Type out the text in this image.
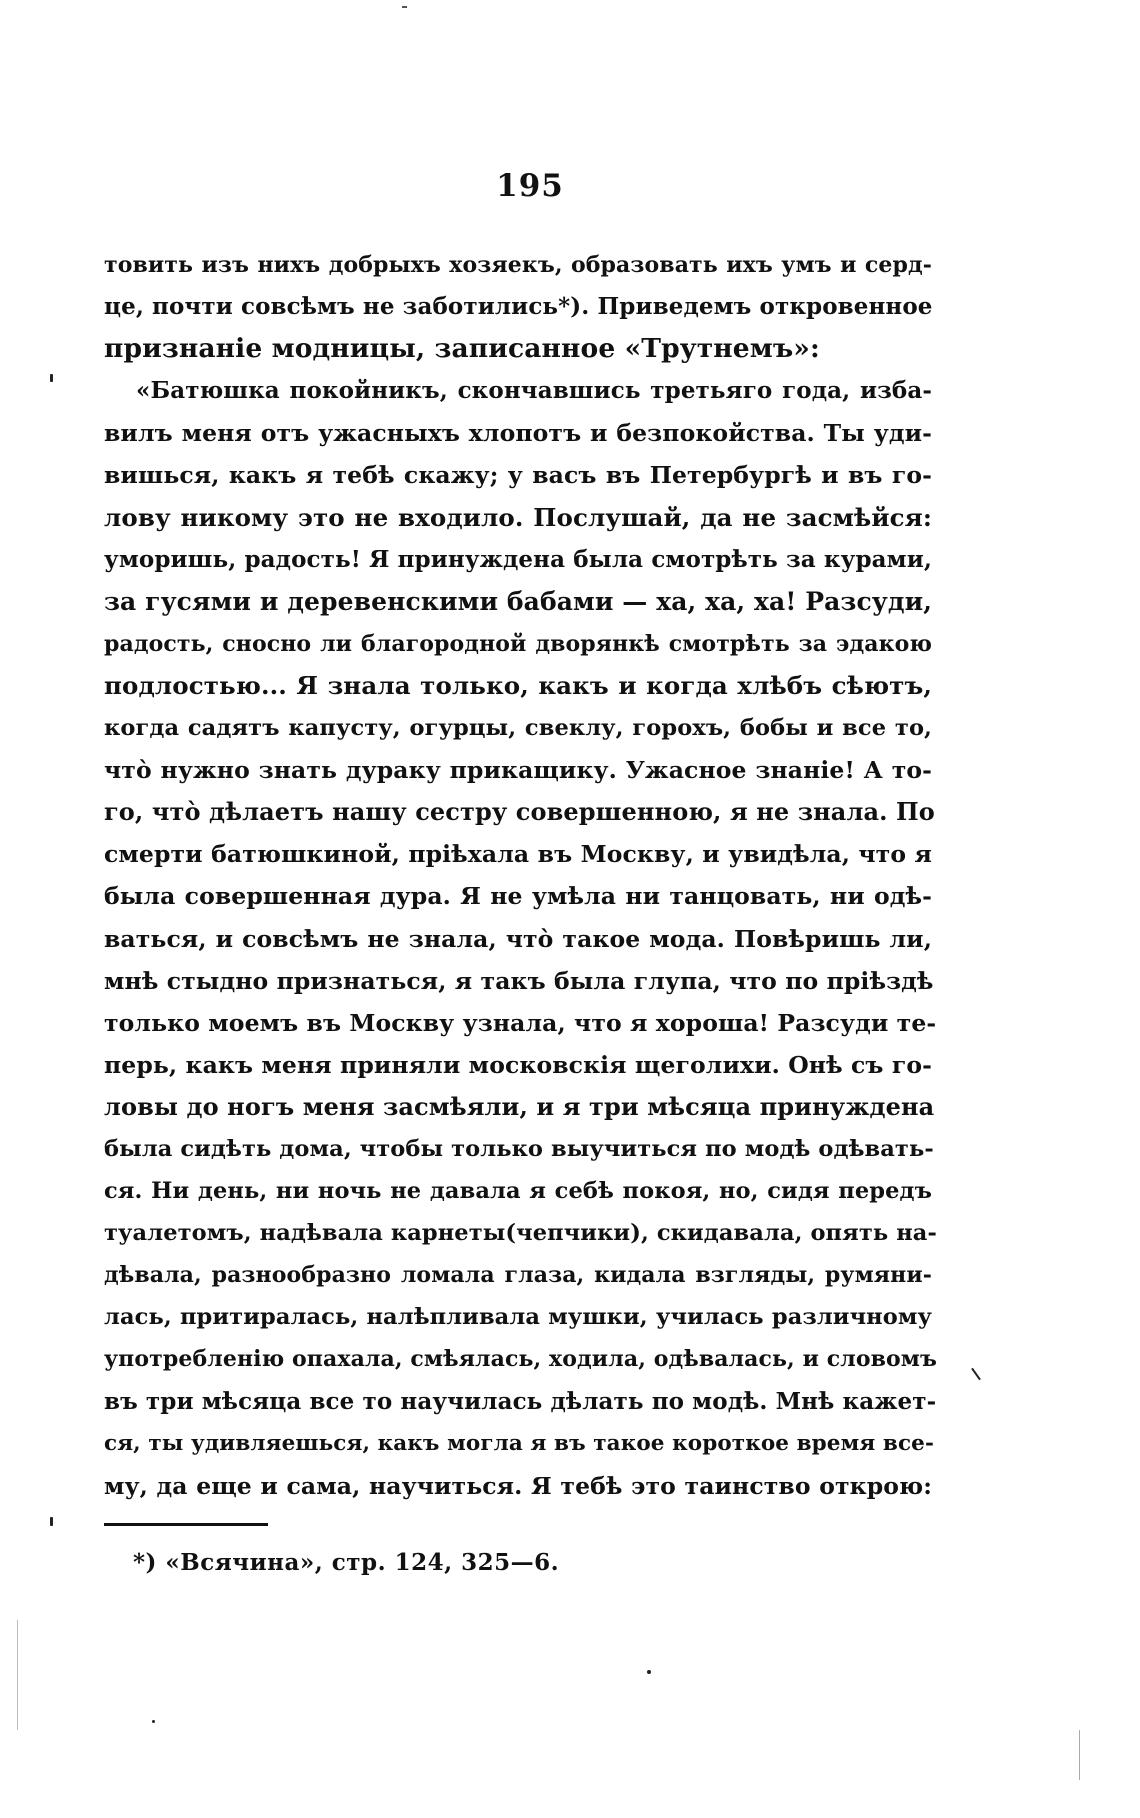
195
товить изъ нихъ добрыхъ хозяекъ, образовать ихъ умъ и серд-
це, почти совсѣмъ не заботились*). Приведемъ откровенное
признаніе модницы, записанное «Трутнемъ»:
«Батюшка покойникъ, скончавшись третьяго года, изба-
вилъ меня отъ ужасныхъ хлопотъ и безпокойства. Ты уди-
вишься, какъ я тебѣ скажу; у васъ въ Петербургѣ и въ го-
лову никому это не входило. Послушай, да не засмѣйся:
уморишь, радость! Я принуждена была смотрѣть за курами,
за гусями и деревенскими бабами — ха, ха, ха! Разсуди,
радость, сносно ли благородной дворянкѣ смотрѣть за эдакою
подлостью... Я знала только, какъ и когда хлѣбъ сѣютъ,
когда садятъ капусту, огурцы, свеклу, горохъ, бобы и все то,
что̀ нужно знать дураку прикащику. Ужасное знаніе! А то-
го, что̀ дѣлаетъ нашу сестру совершенною, я не знала. По
смерти батюшкиной, пріѣхала въ Москву, и увидѣла, что я
была совершенная дура. Я не умѣла ни танцовать, ни одѣ-
ваться, и совсѣмъ не знала, что̀ такое мода. Повѣришь ли,
мнѣ стыдно признаться, я такъ была глупа, что по пріѣздѣ
только моемъ въ Москву узнала, что я хороша! Разсуди те-
перь, какъ меня приняли московскія щеголихи. Онѣ съ го-
ловы до ногъ меня засмѣяли, и я три мѣсяца принуждена
была сидѣть дома, чтобы только выучиться по модѣ одѣвать-
ся. Ни день, ни ночь не давала я себѣ покоя, но, сидя передъ
туалетомъ, надѣвала карнеты(чепчики), скидавала, опять на-
дѣвала, разнообразно ломала глаза, кидала взгляды, румяни-
лась, притиралась, налѣпливала мушки, училась различному
употребленію опахала, смѣялась, ходила, одѣвалась, и словомъ
въ три мѣсяца все то научилась дѣлать по модѣ. Мнѣ кажет-
ся, ты удивляешься, какъ могла я въ такое короткое время все-
му, да еще и сама, научиться. Я тебѣ это таинство открою:
*) «Всячина», стр. 124, 325—6.
